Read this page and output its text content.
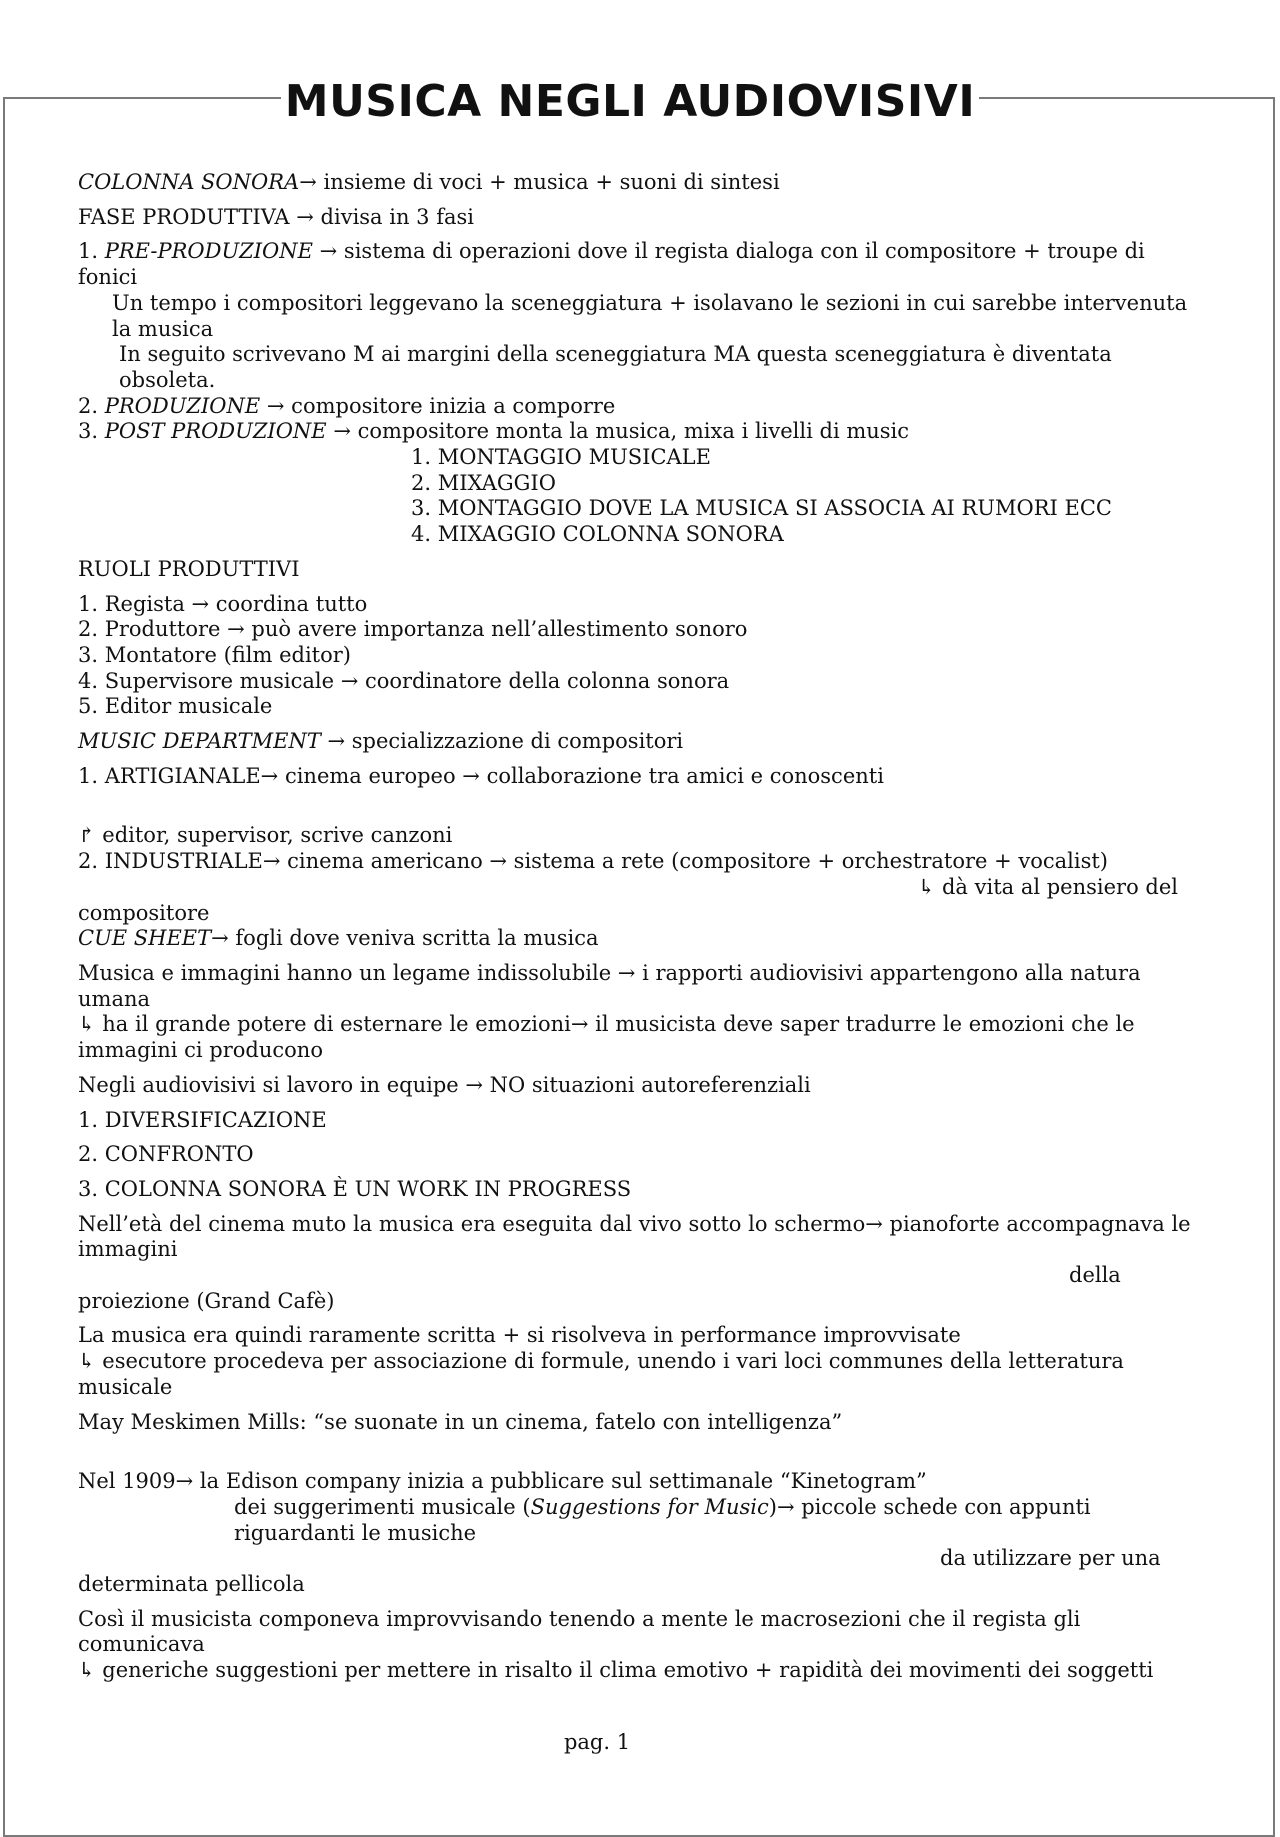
MUSICA NEGLI AUDIOVISIVI

COLONNA SONORA→ insieme di voci + musica + suoni di sintesi

FASE PRODUTTIVA → divisa in 3 fasi

1. PRE-PRODUZIONE → sistema di operazioni dove il regista dialoga con il compositore + troupe di fonici

Un tempo i compositori leggevano la sceneggiatura + isolavano le sezioni in cui sarebbe intervenuta la musica

In seguito scrivevano M ai margini della sceneggiatura MA questa sceneggiatura è diventata obsoleta.

2. PRODUZIONE → compositore inizia a comporre

3. POST PRODUZIONE → compositore monta la musica, mixa i livelli di music

1. MONTAGGIO MUSICALE

2. MIXAGGIO

3. MONTAGGIO DOVE LA MUSICA SI ASSOCIA AI RUMORI ECC

4. MIXAGGIO COLONNA SONORA

RUOLI PRODUTTIVI

1. Regista → coordina tutto

2. Produttore → può avere importanza nell’allestimento sonoro

3. Montatore (film editor)

4. Supervisore musicale → coordinatore della colonna sonora

5. Editor musicale

MUSIC DEPARTMENT → specializzazione di compositori

1. ARTIGIANALE→ cinema europeo → collaborazione tra amici e conoscenti

↱ editor, supervisor, scrive canzoni

2. INDUSTRIALE→ cinema americano → sistema a rete (compositore + orchestratore + vocalist)

↳ dà vita al pensiero del

compositore

CUE SHEET→ fogli dove veniva scritta la musica

Musica e immagini hanno un legame indissolubile → i rapporti audiovisivi appartengono alla natura umana

↳ ha il grande potere di esternare le emozioni→ il musicista deve saper tradurre le emozioni che le immagini ci producono

Negli audiovisivi si lavoro in equipe → NO situazioni autoreferenziali

1. DIVERSIFICAZIONE

2. CONFRONTO

3. COLONNA SONORA È UN WORK IN PROGRESS

Nell’età del cinema muto la musica era eseguita dal vivo sotto lo schermo→ pianoforte accompagnava le immagini

della

proiezione (Grand Cafè)

La musica era quindi raramente scritta + si risolveva in performance improvvisate

↳ esecutore procedeva per associazione di formule, unendo i vari loci communes della letteratura musicale

May Meskimen Mills: “se suonate in un cinema, fatelo con intelligenza”

Nel 1909→ la Edison company inizia a pubblicare sul settimanale “Kinetogram”

dei suggerimenti musicale (Suggestions for Music)→ piccole schede con appunti riguardanti le musiche

da utilizzare per una

determinata pellicola

Così il musicista componeva improvvisando tenendo a mente le macrosezioni che il regista gli comunicava

↳ generiche suggestioni per mettere in risalto il clima emotivo + rapidità dei movimenti dei soggetti

pag. 1
